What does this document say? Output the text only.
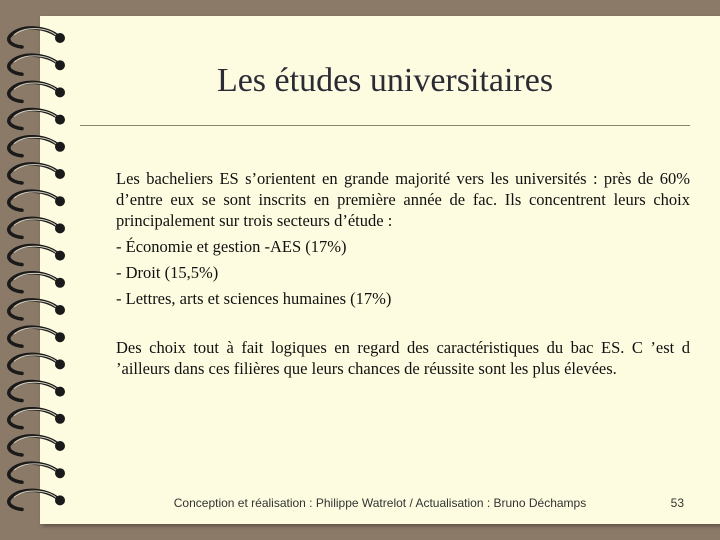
Les études universitaires

Les bacheliers ES s’orientent en grande majorité vers les universités : près de 60% d’entre eux se sont inscrits en première année de fac. Ils concentrent leurs choix principalement sur trois secteurs d’étude :

- Économie et gestion -AES (17%)

- Droit (15,5%)

- Lettres, arts et sciences humaines (17%)

Des choix tout à fait logiques en regard des caractéristiques du bac ES. C ’est d ’ailleurs dans ces filières que leurs chances de réussite sont les plus élevées.

Conception et réalisation : Philippe Watrelot / Actualisation : Bruno Déchamps	53
